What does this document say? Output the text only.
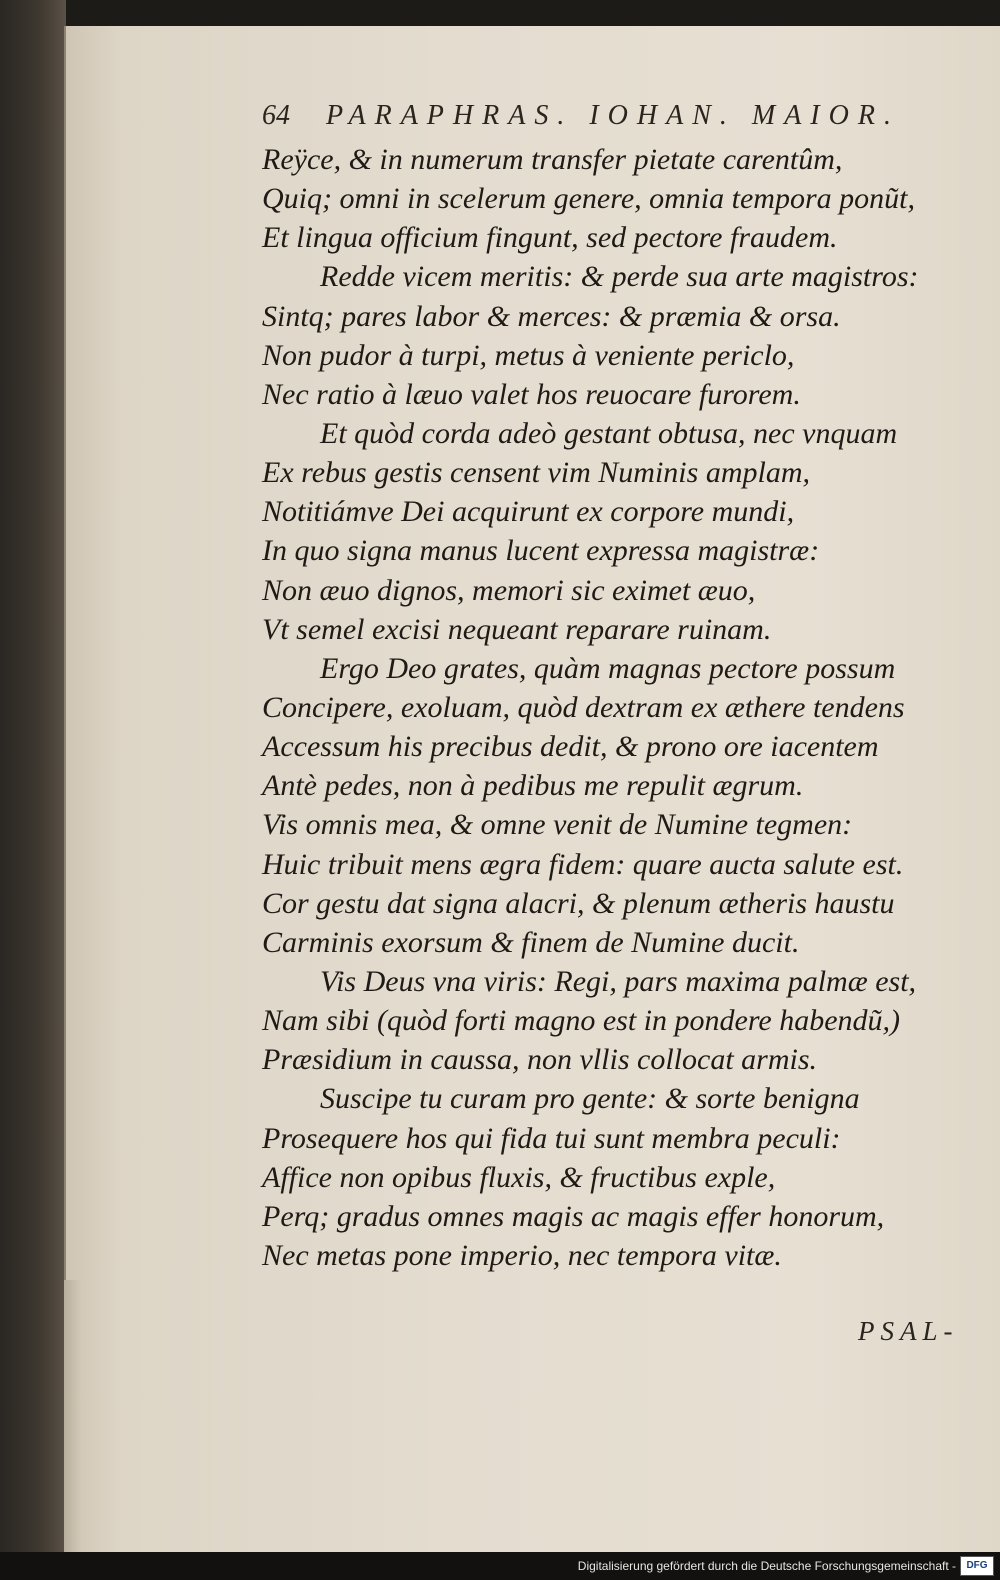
64 PARAPHRAS. IOHAN. MAIOR.
Reÿce, & in numerum transfer pietate carentûm,
Quiq; omni in scelerum genere, omnia tempora ponũt,
Et lingua officium fingunt, sed pectore fraudem.
Redde vicem meritis: & perde sua arte magistros:
Sintq; pares labor & merces: & præmia & orsa.
Non pudor à turpi, metus à veniente periclo,
Nec ratio à læuo valet hos reuocare furorem.
Et quòd corda adeò gestant obtusa, nec vnquam
Ex rebus gestis censent vim Numinis amplam,
Notitiámve Dei acquirunt ex corpore mundi,
In quo signa manus lucent expressa magistræ:
Non æuo dignos, memori sic eximet æuo,
Vt semel excisi nequeant reparare ruinam.
Ergo Deo grates, quàm magnas pectore possum
Concipere, exoluam, quòd dextram ex æthere tendens
Accessum his precibus dedit, & prono ore iacentem
Antè pedes, non à pedibus me repulit ægrum.
Vis omnis mea, & omne venit de Numine tegmen:
Huic tribuit mens ægra fidem: quare aucta salute est.
Cor gestu dat signa alacri, & plenum ætheris haustu
Carminis exorsum & finem de Numine ducit.
Vis Deus vna viris: Regi, pars maxima palmæ est,
Nam sibi (quòd forti magno est in pondere habendũ,)
Præsidium in caussa, non vllis collocat armis.
Suscipe tu curam pro gente: & sorte benigna
Prosequere hos qui fida tui sunt membra peculi:
Affice non opibus fluxis, & fructibus exple,
Perq; gradus omnes magis ac magis effer honorum,
Nec metas pone imperio, nec tempora vitæ.
PSAL-
Digitalisierung gefördert durch die Deutsche Forschungsgemeinschaft -	DFG
